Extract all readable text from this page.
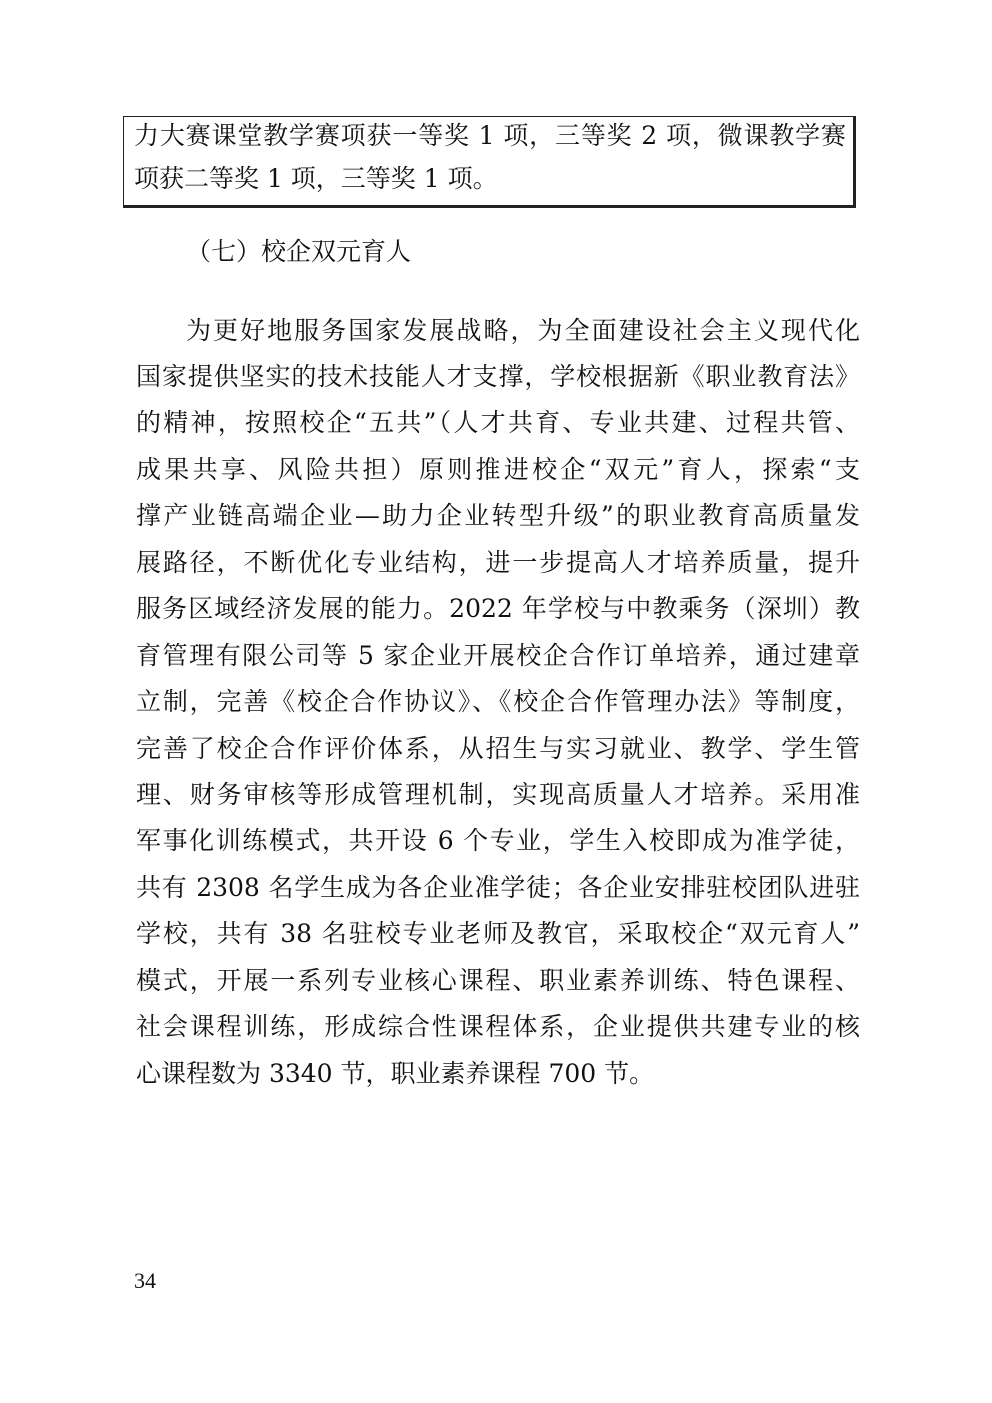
力大赛课堂教学赛项获一等奖 1 项，三等奖 2 项，微课教学赛
项获二等奖 1 项，三等奖 1 项。
（七）校企双元育人
为更好地服务国家发展战略，为全面建设社会主义现代化
国家提供坚实的技术技能人才支撑，学校根据新《职业教育法》
的精神，按照校企“五共”（人才共育、专业共建、过程共管、
成果共享、风险共担）原则推进校企“双元”育人，探索“支
撑产业链高端企业—助力企业转型升级”的职业教育高质量发
展路径，不断优化专业结构，进一步提高人才培养质量，提升
服务区域经济发展的能力。2022 年学校与中教乘务（深圳）教
育管理有限公司等 5 家企业开展校企合作订单培养，通过建章
立制，完善《校企合作协议》、《校企合作管理办法》等制度，
完善了校企合作评价体系，从招生与实习就业、教学、学生管
理、财务审核等形成管理机制，实现高质量人才培养。采用准
军事化训练模式，共开设 6 个专业，学生入校即成为准学徒，
共有 2308 名学生成为各企业准学徒；各企业安排驻校团队进驻
学校，共有 38 名驻校专业老师及教官，采取校企“双元育人”
模式，开展一系列专业核心课程、职业素养训练、特色课程、
社会课程训练，形成综合性课程体系，企业提供共建专业的核
心课程数为 3340 节，职业素养课程 700 节。
34
